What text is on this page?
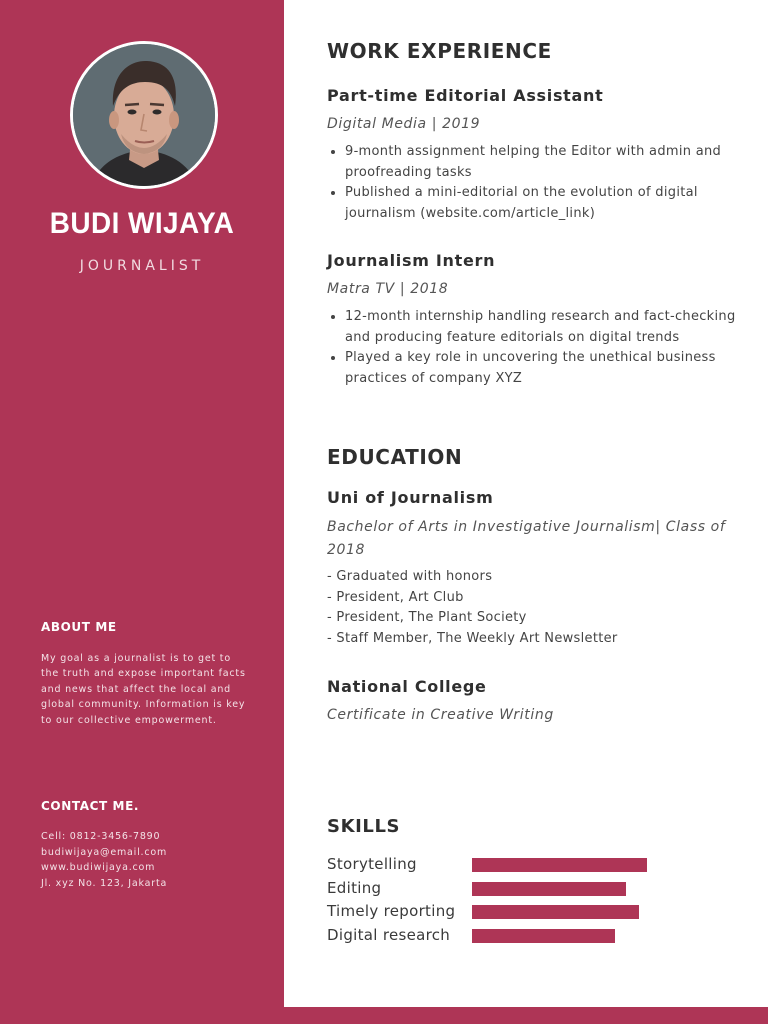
BUDI WIJAYA
JOURNALIST
ABOUT ME
My goal as a journalist is to get to the truth and expose important facts and news that affect the local and global community. Information is key to our collective empowerment.
CONTACT ME.
Cell: 0812-3456-7890
budiwijaya@email.com
www.budiwijaya.com
Jl. xyz No. 123, Jakarta
WORK EXPERIENCE
Part-time Editorial Assistant
Digital Media | 2019
• 9-month assignment helping the Editor with admin and proofreading tasks
• Published a mini-editorial on the evolution of digital journalism (website.com/article_link)
Journalism Intern
Matra TV | 2018
• 12-month internship handling research and fact-checking and producing feature editorials on digital trends
• Played a key role in uncovering the unethical business practices of company XYZ
EDUCATION
Uni of Journalism
Bachelor of Arts in Investigative Journalism| Class of 2018
- Graduated with honors
- President, Art Club
- President, The Plant Society
- Staff Member, The Weekly Art Newsletter
National College
Certificate in Creative Writing
SKILLS
Storytelling
Editing
Timely reporting
Digital research
